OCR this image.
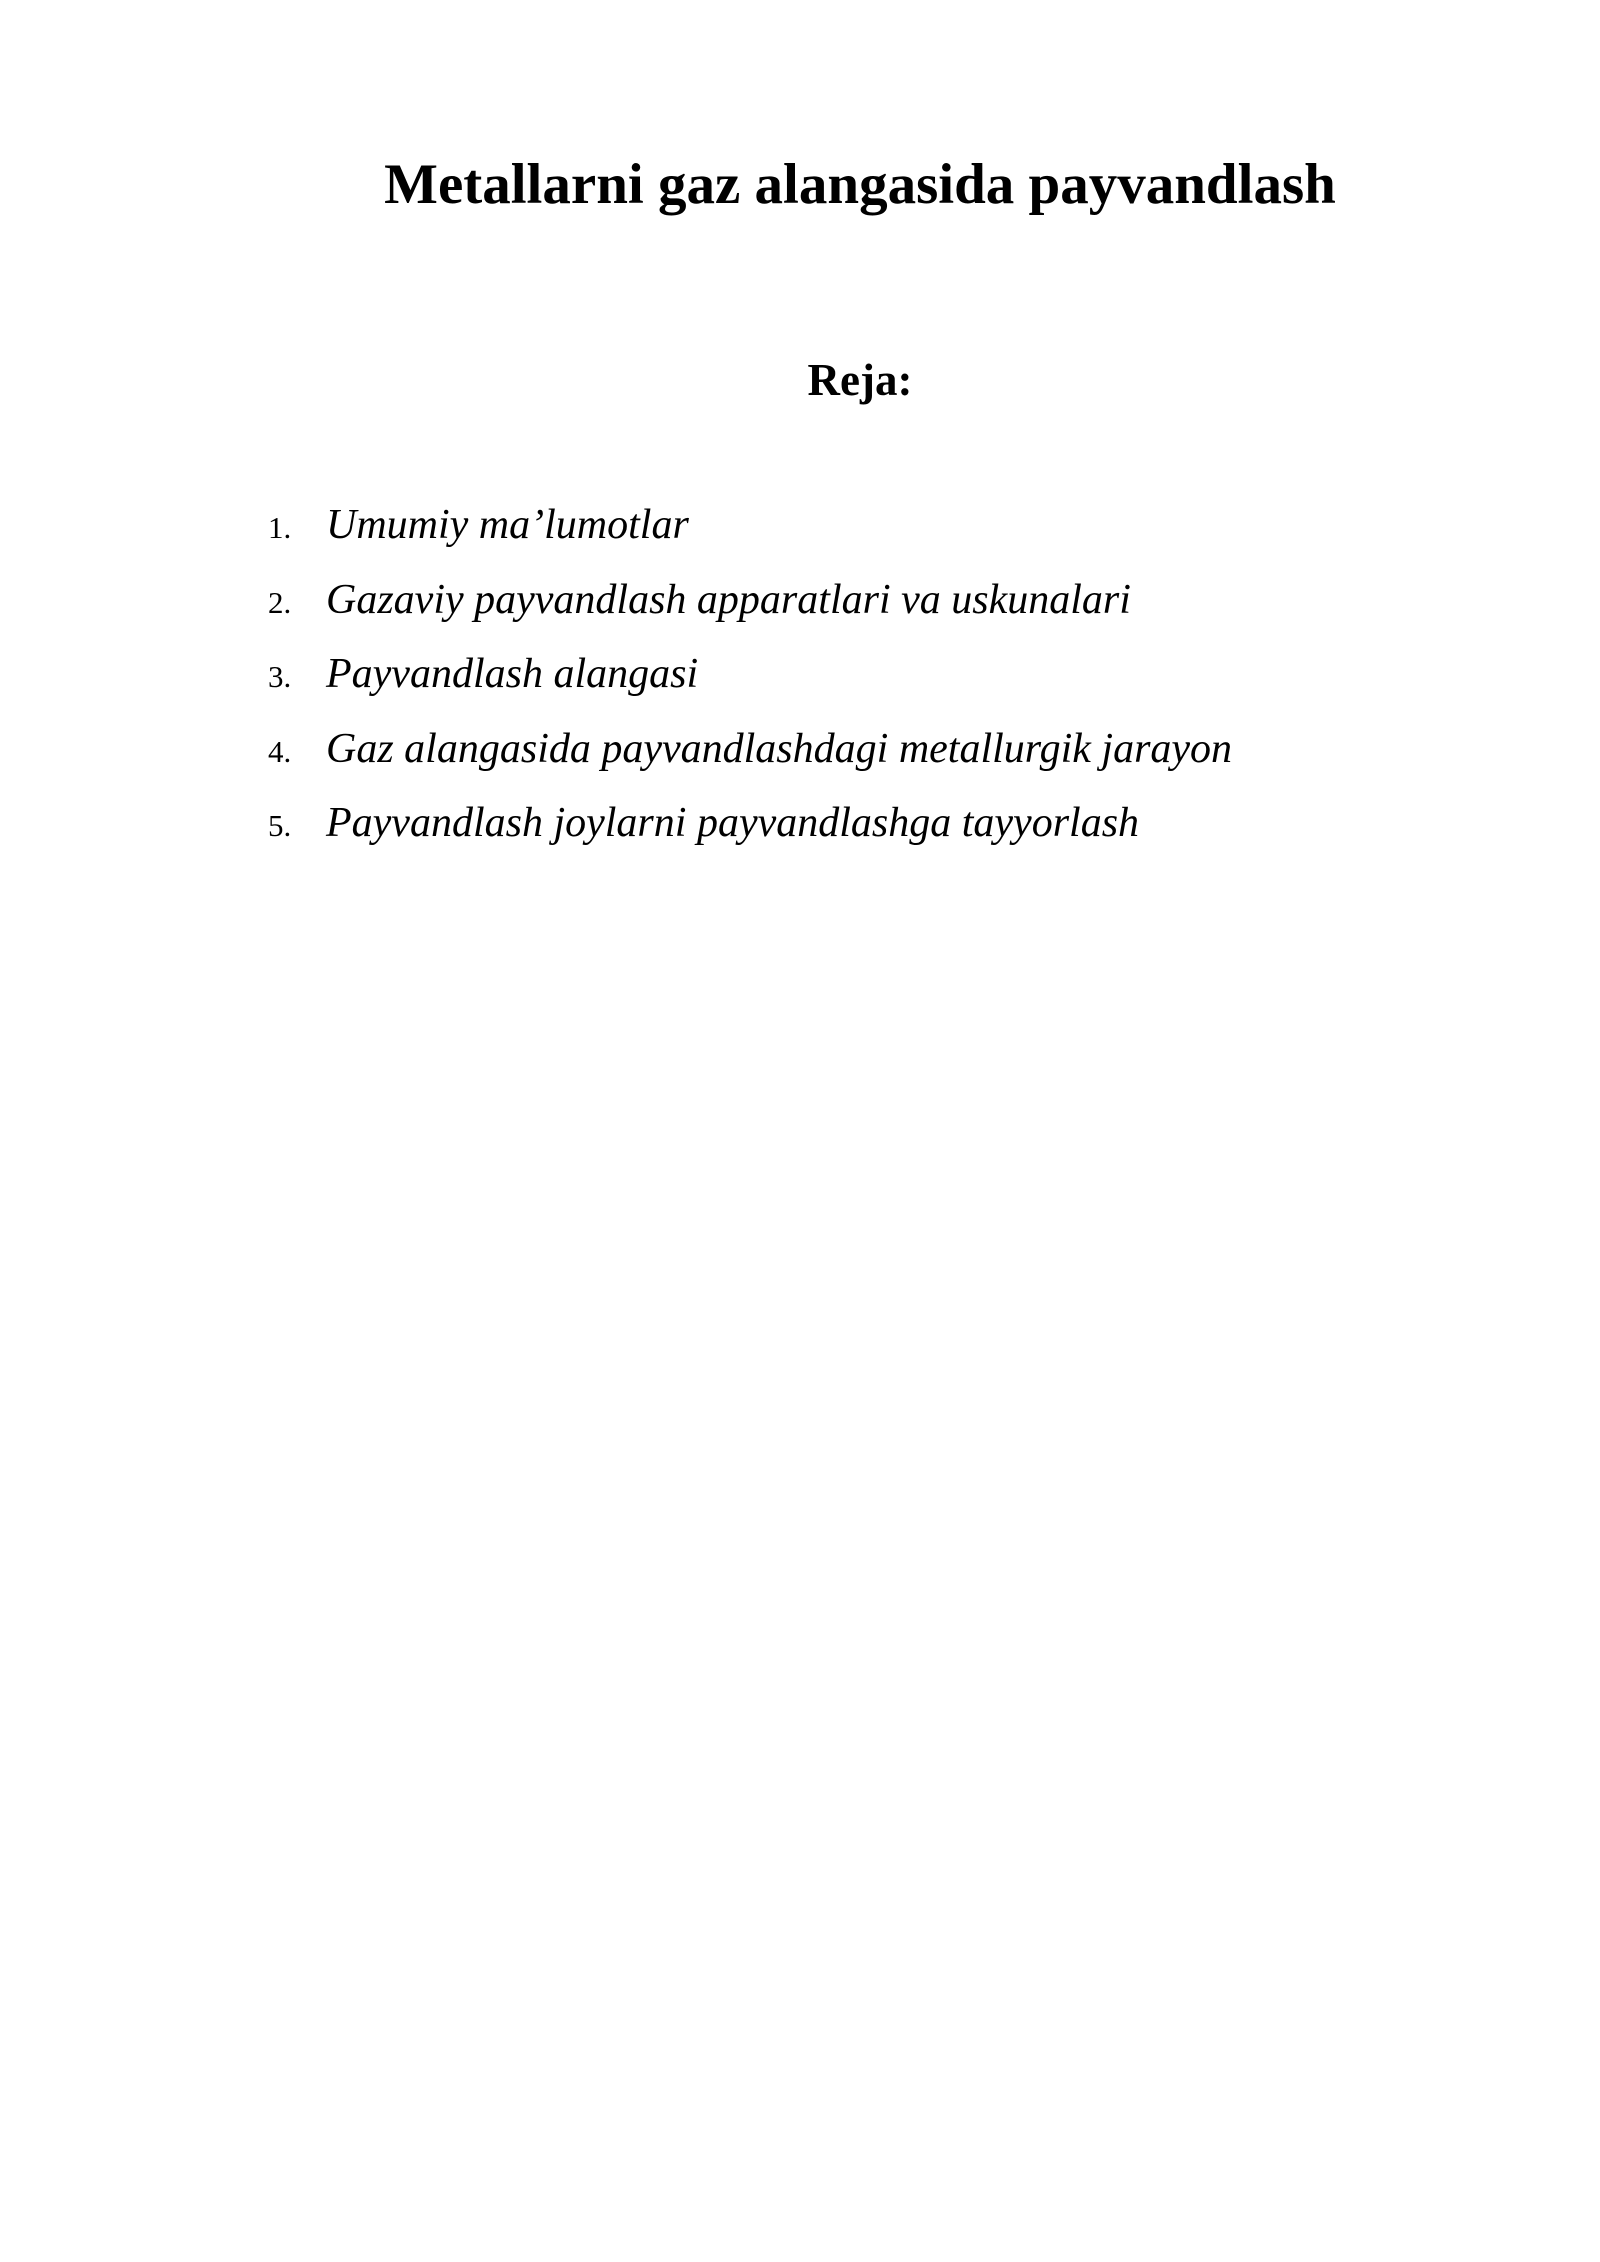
Metallarni gaz alangasida payvandlash
Reja:
1. Umumiy ma’lumotlar
2. Gazaviy payvandlash apparatlari va uskunalari
3. Payvandlash alangasi
4. Gaz alangasida payvandlashdagi metallurgik jarayon
5. Payvandlash joylarni payvandlashga tayyorlash
